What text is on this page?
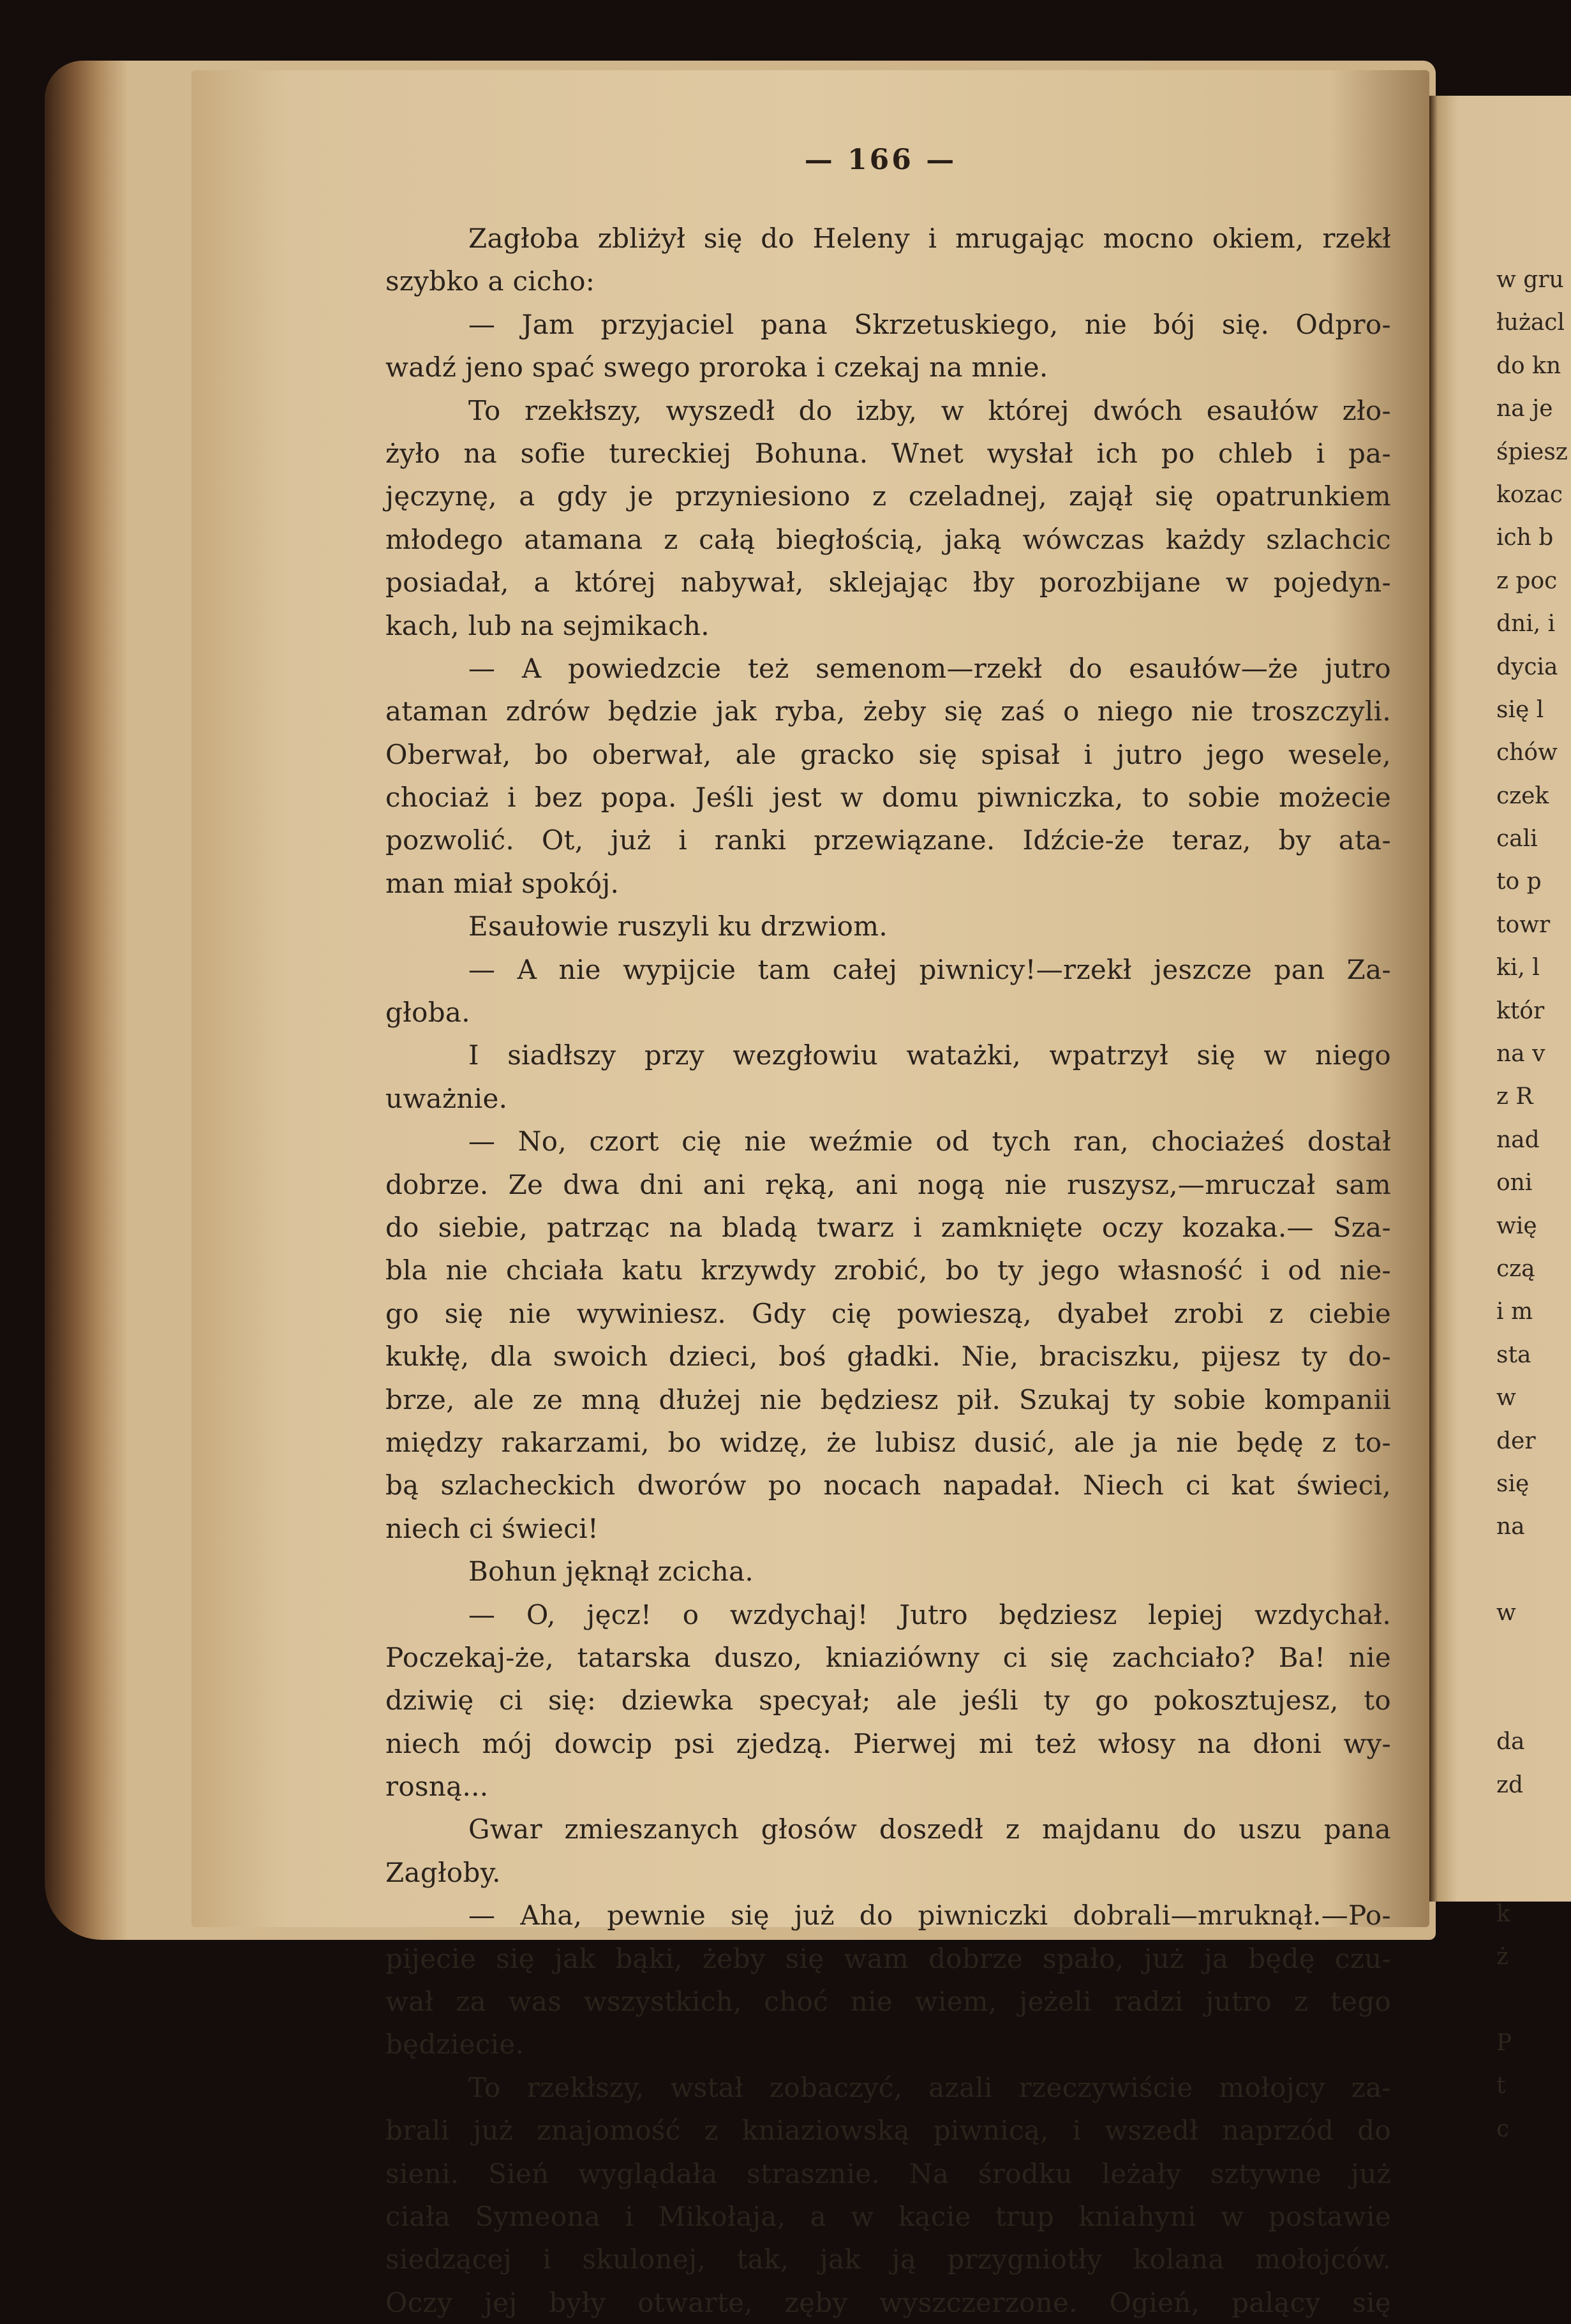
— 166 —
Zagłoba zbliżył się do Heleny i mrugając mocno okiem, rzekł
szybko a cicho:
— Jam przyjaciel pana Skrzetuskiego, nie bój się. Odpro-
wadź jeno spać swego proroka i czekaj na mnie.
To rzekłszy, wyszedł do izby, w której dwóch esaułów zło-
żyło na sofie tureckiej Bohuna. Wnet wysłał ich po chleb i pa-
jęczynę, a gdy je przyniesiono z czeladnej, zajął się opatrunkiem
młodego atamana z całą biegłością, jaką wówczas każdy szlachcic
posiadał, a której nabywał, sklejając łby porozbijane w pojedyn-
kach, lub na sejmikach.
— A powiedzcie też semenom—rzekł do esaułów—że jutro
ataman zdrów będzie jak ryba, żeby się zaś o niego nie troszczyli.
Oberwał, bo oberwał, ale gracko się spisał i jutro jego wesele,
chociaż i bez popa. Jeśli jest w domu piwniczka, to sobie możecie
pozwolić. Ot, już i ranki przewiązane. Idźcie-że teraz, by ata-
man miał spokój.
Esaułowie ruszyli ku drzwiom.
— A nie wypijcie tam całej piwnicy!—rzekł jeszcze pan Za-
głoba.
I siadłszy przy wezgłowiu watażki, wpatrzył się w niego
uważnie.
— No, czort cię nie weźmie od tych ran, chociażeś dostał
dobrze. Ze dwa dni ani ręką, ani nogą nie ruszysz,—mruczał sam
do siebie, patrząc na bladą twarz i zamknięte oczy kozaka.— Sza-
bla nie chciała katu krzywdy zrobić, bo ty jego własność i od nie-
go się nie wywiniesz. Gdy cię powieszą, dyabeł zrobi z ciebie
kukłę, dla swoich dzieci, boś gładki. Nie, braciszku, pijesz ty do-
brze, ale ze mną dłużej nie będziesz pił. Szukaj ty sobie kompanii
między rakarzami, bo widzę, że lubisz dusić, ale ja nie będę z to-
bą szlacheckich dworów po nocach napadał. Niech ci kat świeci,
niech ci świeci!
Bohun jęknął zcicha.
— O, jęcz! o wzdychaj! Jutro będziesz lepiej wzdychał.
Poczekaj-że, tatarska duszo, kniaziówny ci się zachciało? Ba! nie
dziwię ci się: dziewka specyał; ale jeśli ty go pokosztujesz, to
niech mój dowcip psi zjedzą. Pierwej mi też włosy na dłoni wy-
rosną...
Gwar zmieszanych głosów doszedł z majdanu do uszu pana
Zagłoby.
— Aha, pewnie się już do piwniczki dobrali—mruknął.—Po-
pijecie się jak bąki, żeby się wam dobrze spało, już ja będę czu-
wał za was wszystkich, choć nie wiem, jeżeli radzi jutro z tego
będziecie.
To rzekłszy, wstał zobaczyć, azali rzeczywiście mołojcy za-
brali już znajomość z kniaziowską piwnicą, i wszedł naprzód do
sieni. Sień wyglądała strasznie. Na środku leżały sztywne już
ciała Symeona i Mikołaja, a w kącie trup kniahyni w postawie
siedzącej i skulonej, tak, jak ją przygniotły kolana mołojców.
Oczy jej były otwarte, zęby wyszczerzone. Ogień, palący się
w gru
łużacl
do kn
na je
śpiesz
kozac
ich b
z poc
dni, i
dycia
się l
chów
czek
cali
to p
towr
ki, l
któr
na v
z R
nad
oni
wię
czą
i m
sta
w
der
się
na
w
da
zd
k
ż
P
t
c
